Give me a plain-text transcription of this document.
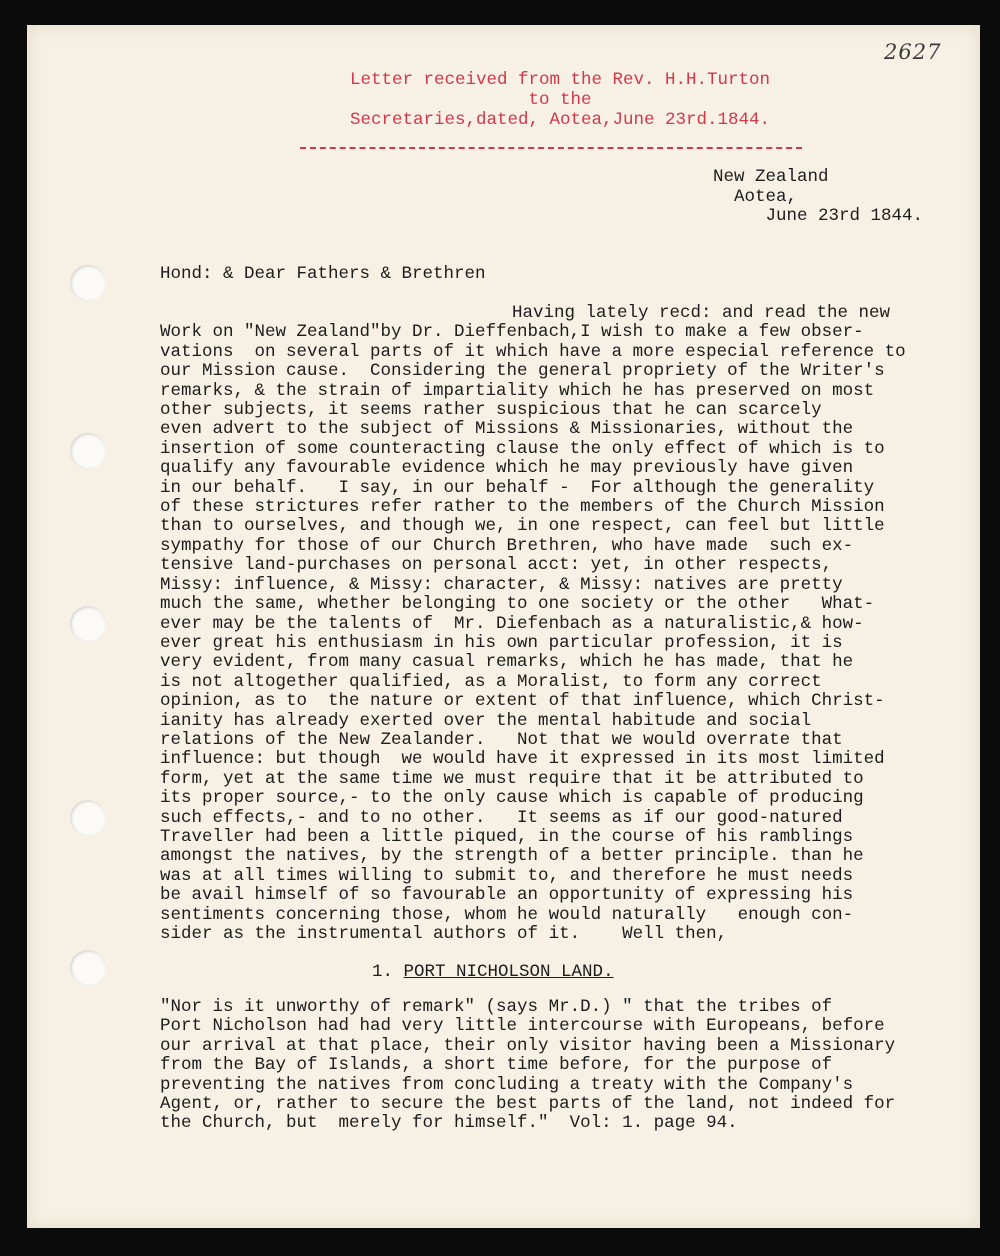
2627
Letter received from the Rev. H.H.Turton
to the
Secretaries,dated, Aotea,June 23rd.1844.
New Zealand
Aotea,
June 23rd 1844.
Hond: & Dear Fathers & Brethren
Having lately recd: and read the new
Work on "New Zealand"by Dr. Dieffenbach,I wish to make a few obser-
vations  on several parts of it which have a more especial reference to
our Mission cause.  Considering the general propriety of the Writer's
remarks, & the strain of impartiality which he has preserved on most
other subjects, it seems rather suspicious that he can scarcely
even advert to the subject of Missions & Missionaries, without the
insertion of some counteracting clause the only effect of which is to
qualify any favourable evidence which he may previously have given
in our behalf.   I say, in our behalf -  For although the generality
of these strictures refer rather to the members of the Church Mission
than to ourselves, and though we, in one respect, can feel but little
sympathy for those of our Church Brethren, who have made  such ex-
tensive land-purchases on personal acct: yet, in other respects,
Missy: influence, & Missy: character, & Missy: natives are pretty
much the same, whether belonging to one society or the other   What-
ever may be the talents of  Mr. Diefenbach as a naturalistic,& how-
ever great his enthusiasm in his own particular profession, it is
very evident, from many casual remarks, which he has made, that he
is not altogether qualified, as a Moralist, to form any correct
opinion, as to  the nature or extent of that influence, which Christ-
ianity has already exerted over the mental habitude and social
relations of the New Zealander.   Not that we would overrate that
influence: but though  we would have it expressed in its most limited
form, yet at the same time we must require that it be attributed to
its proper source,- to the only cause which is capable of producing
such effects,- and to no other.   It seems as if our good-natured
Traveller had been a little piqued, in the course of his ramblings
amongst the natives, by the strength of a better principle. than he
was at all times willing to submit to, and therefore he must needs
be avail himself of so favourable an opportunity of expressing his
sentiments concerning those, whom he would naturally   enough con-
sider as the instrumental authors of it.    Well then,
1. PORT NICHOLSON LAND.
"Nor is it unworthy of remark" (says Mr.D.) " that the tribes of
Port Nicholson had had very little intercourse with Europeans, before
our arrival at that place, their only visitor having been a Missionary
from the Bay of Islands, a short time before, for the purpose of
preventing the natives from concluding a treaty with the Company's
Agent, or, rather to secure the best parts of the land, not indeed for
the Church, but  merely for himself."  Vol: 1. page 94.
